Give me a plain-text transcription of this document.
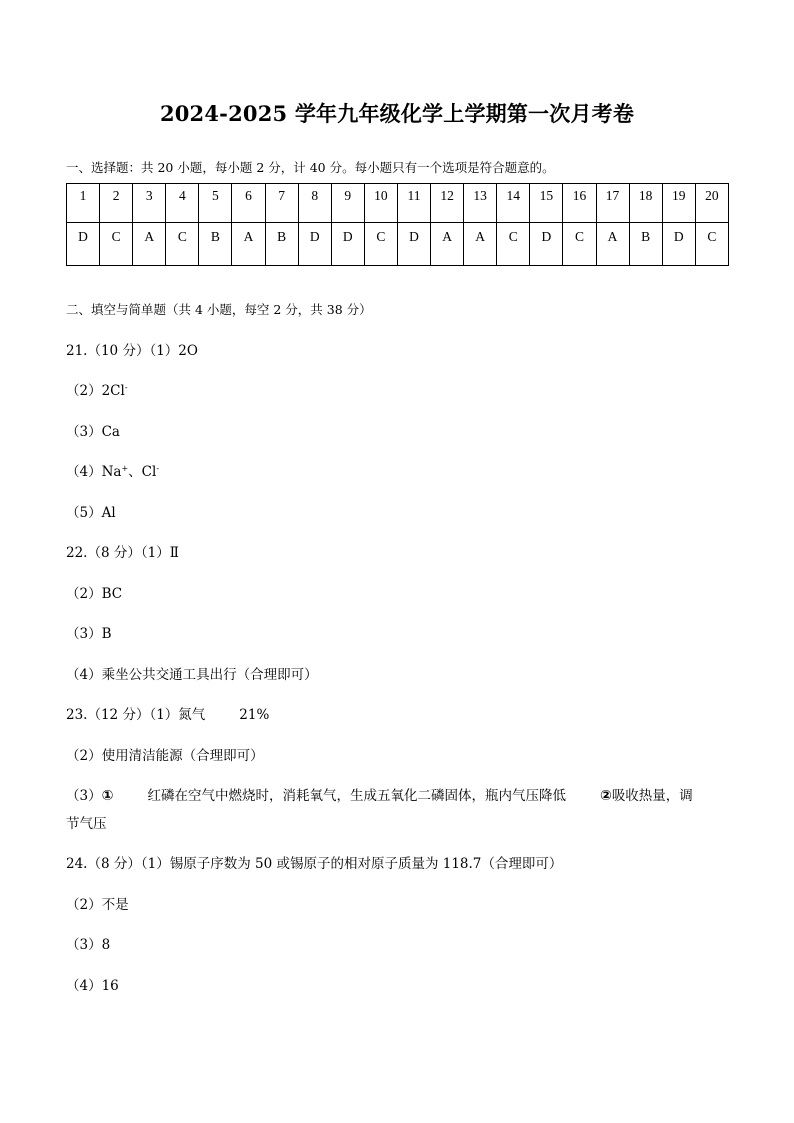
2024-2025 学年九年级化学上学期第一次月考卷
一、选择题：共 20 小题，每小题 2 分，计 40 分。每小题只有一个选项是符合题意的。
1	2	3	4	5	6	7	8	9	10	11	12	13	14	15	16	17	18	19	20
D	C	A	C	B	A	B	D	D	C	D	A	A	C	D	C	A	B	D	C
二、填空与简单题（共 4 小题，每空 2 分，共 38 分）
21.（10 分）（1）2O
（2）2Cl-
（3）Ca
（4）Na+、Cl-
（5）Al
22.（8 分）（1）Ⅱ
（2）BC
（3）B
（4）乘坐公共交通工具出行（合理即可）
23.（12 分）（1）氮气	21%
（2）使用清洁能源（合理即可）
（3）①	红磷在空气中燃烧时，消耗氧气，生成五氧化二磷固体，瓶内气压降低 ②吸收热量，调
节气压
24.（8 分）（1）锡原子序数为 50 或锡原子的相对原子质量为 118.7（合理即可）
（2）不是
（3）8
（4）16
